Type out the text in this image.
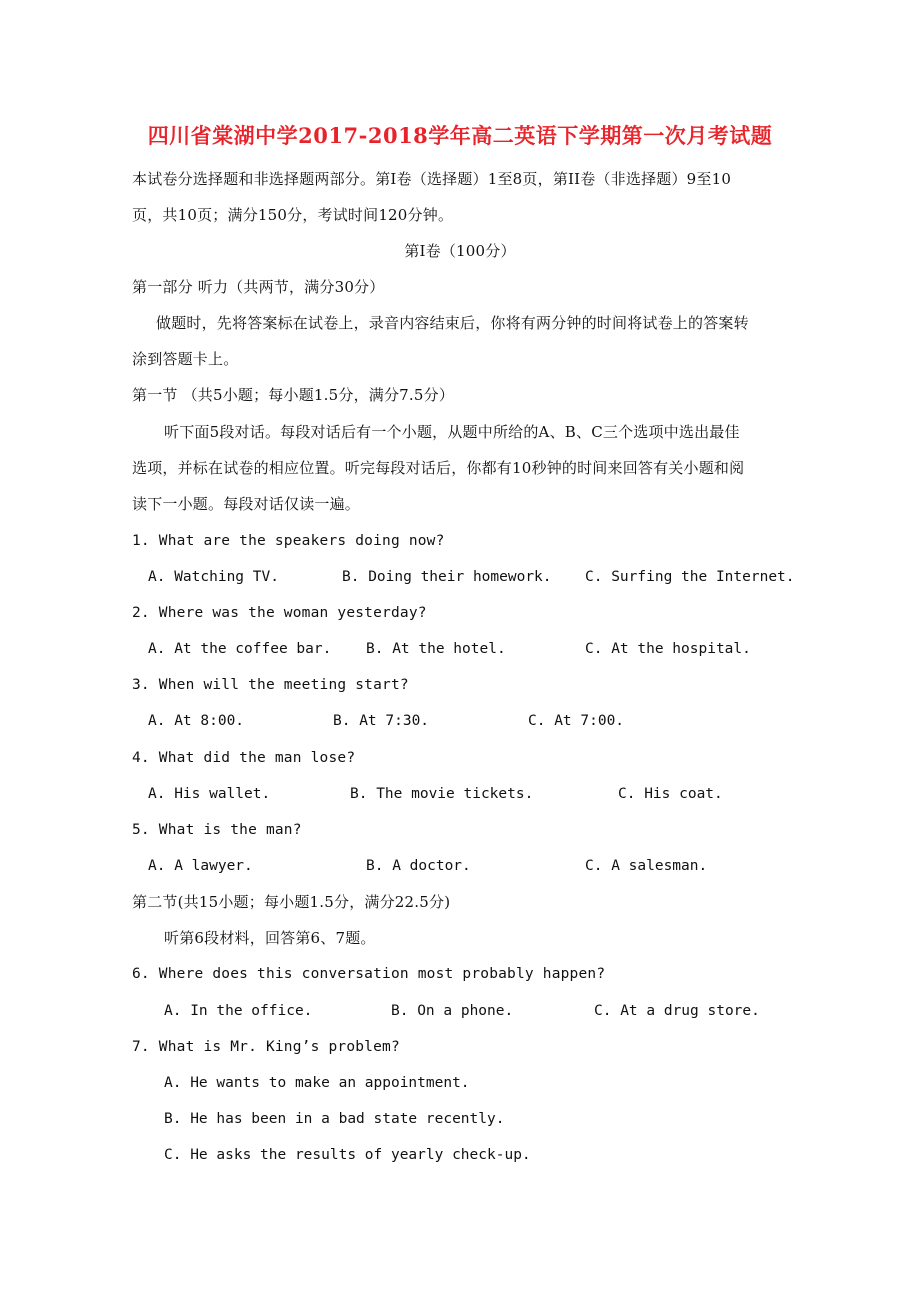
四川省棠湖中学2017-2018学年高二英语下学期第一次月考试题
本试卷分选择题和非选择题两部分。第Ⅰ卷（选择题）1至8页，第II卷（非选择题）9至10
页，共10页；满分150分，考试时间120分钟。
第Ⅰ卷（100分）
第一部分 听力（共两节，满分30分）
做题时，先将答案标在试卷上，录音内容结束后，你将有两分钟的时间将试卷上的答案转
涂到答题卡上。
第一节 （共5小题；每小题1.5分，满分7.5分）
听下面5段对话。每段对话后有一个小题，从题中所给的A、B、C三个选项中选出最佳
选项，并标在试卷的相应位置。听完每段对话后，你都有10秒钟的时间来回答有关小题和阅
读下一小题。每段对话仅读一遍。
1. What are the speakers doing now?
A. Watching TV.	B. Doing their homework. C. Surfing the Internet.
2. Where was the woman yesterday?
A. At the coffee bar. B. At the hotel.	C. At the hospital.
3. When will the meeting start?
A. At 8:00.	B. At 7:30.	C. At 7:00.
4. What did the man lose?
A. His wallet.	B. The movie tickets.	C. His coat.
5. What is the man?
A. A lawyer.	B. A doctor.	C. A salesman.
第二节(共15小题；每小题1.5分，满分22.5分)
听第6段材料，回答第6、7题。
6. Where does this conversation most probably happen?
A. In the office.	B. On a phone.	C. At a drug store.
7. What is Mr. King’s problem?
A. He wants to make an appointment.
B. He has been in a bad state recently.
C. He asks the results of yearly check-up.
